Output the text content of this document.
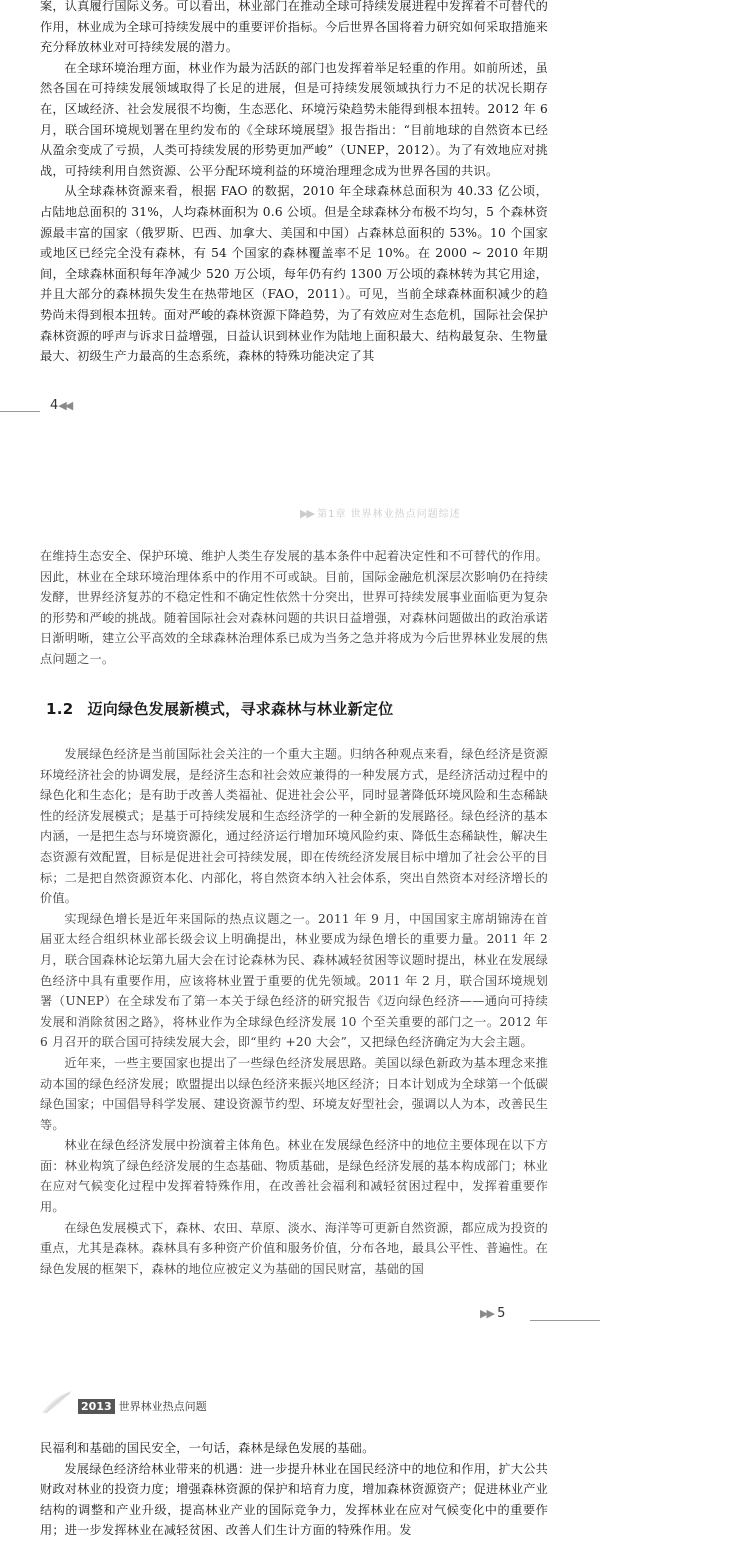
案，认真履行国际义务。可以看出，林业部门在推动全球可持续发展进程中发挥着不可替代的作用，林业成为全球可持续发展中的重要评价指标。今后世界各国将着力研究如何采取措施来充分释放林业对可持续发展的潜力。

在全球环境治理方面，林业作为最为活跃的部门也发挥着举足轻重的作用。如前所述，虽然各国在可持续发展领域取得了长足的进展，但是可持续发展领域执行力不足的状况长期存在，区域经济、社会发展很不均衡，生态恶化、环境污染趋势未能得到根本扭转。2012 年 6 月，联合国环境规划署在里约发布的《全球环境展望》报告指出：“目前地球的自然资本已经从盈余变成了亏损，人类可持续发展的形势更加严峻”（UNEP，2012）。为了有效地应对挑战，可持续利用自然资源、公平分配环境利益的环境治理理念成为世界各国的共识。

从全球森林资源来看，根据 FAO 的数据，2010 年全球森林总面积为 40.33 亿公顷，占陆地总面积的 31%，人均森林面积为 0.6 公顷。但是全球森林分布极不均匀，5 个森林资源最丰富的国家（俄罗斯、巴西、加拿大、美国和中国）占森林总面积的 53%。10 个国家或地区已经完全没有森林，有 54 个国家的森林覆盖率不足 10%。在 2000 ~ 2010 年期间，全球森林面积每年净减少 520 万公顷，每年仍有约 1300 万公顷的森林转为其它用途，并且大部分的森林损失发生在热带地区（FAO，2011）。可见，当前全球森林面积减少的趋势尚未得到根本扭转。面对严峻的森林资源下降趋势，为了有效应对生态危机，国际社会保护森林资源的呼声与诉求日益增强，日益认识到林业作为陆地上面积最大、结构最复杂、生物量最大、初级生产力最高的生态系统，森林的特殊功能决定了其

4◀◀
▶▶ 第1章 世界林业热点问题综述

在维持生态安全、保护环境、维护人类生存发展的基本条件中起着决定性和不可替代的作用。因此，林业在全球环境治理体系中的作用不可或缺。目前，国际金融危机深层次影响仍在持续发酵，世界经济复苏的不稳定性和不确定性依然十分突出，世界可持续发展事业面临更为复杂的形势和严峻的挑战。随着国际社会对森林问题的共识日益增强，对森林问题做出的政治承诺日渐明晰，建立公平高效的全球森林治理体系已成为当务之急并将成为今后世界林业发展的焦点问题之一。

1.2 迈向绿色发展新模式，寻求森林与林业新定位

发展绿色经济是当前国际社会关注的一个重大主题。归纳各种观点来看，绿色经济是资源环境经济社会的协调发展，是经济生态和社会效应兼得的一种发展方式，是经济活动过程中的绿色化和生态化；是有助于改善人类福祉、促进社会公平，同时显著降低环境风险和生态稀缺性的经济发展模式；是基于可持续发展和生态经济学的一种全新的发展路径。绿色经济的基本内涵，一是把生态与环境资源化，通过经济运行增加环境风险约束、降低生态稀缺性，解决生态资源有效配置，目标是促进社会可持续发展，即在传统经济发展目标中增加了社会公平的目标；二是把自然资源资本化、内部化，将自然资本纳入社会体系，突出自然资本对经济增长的价值。

实现绿色增长是近年来国际的热点议题之一。2011 年 9 月，中国国家主席胡锦涛在首届亚太经合组织林业部长级会议上明确提出，林业要成为绿色增长的重要力量。2011 年 2 月，联合国森林论坛第九届大会在讨论森林为民、森林减轻贫困等议题时提出，林业在发展绿色经济中具有重要作用，应该将林业置于重要的优先领域。2011 年 2 月，联合国环境规划署（UNEP）在全球发布了第一本关于绿色经济的研究报告《迈向绿色经济——通向可持续发展和消除贫困之路》，将林业作为全球绿色经济发展 10 个至关重要的部门之一。2012 年 6 月召开的联合国可持续发展大会，即“里约 +20 大会”，又把绿色经济确定为大会主题。

近年来，一些主要国家也提出了一些绿色经济发展思路。美国以绿色新政为基本理念来推动本国的绿色经济发展；欧盟提出以绿色经济来振兴地区经济；日本计划成为全球第一个低碳绿色国家；中国倡导科学发展、建设资源节约型、环境友好型社会，强调以人为本，改善民生等。

林业在绿色经济发展中扮演着主体角色。林业在发展绿色经济中的地位主要体现在以下方面：林业构筑了绿色经济发展的生态基础、物质基础，是绿色经济发展的基本构成部门；林业在应对气候变化过程中发挥着特殊作用，在改善社会福利和减轻贫困过程中，发挥着重要作用。

在绿色发展模式下，森林、农田、草原、淡水、海洋等可更新自然资源，都应成为投资的重点，尤其是森林。森林具有多种资产价值和服务价值，分布各地，最具公平性、普遍性。在绿色发展的框架下，森林的地位应被定义为基础的国民财富，基础的国

▶▶ 5
2013 世界林业热点问题

民福利和基础的国民安全，一句话，森林是绿色发展的基础。

发展绿色经济给林业带来的机遇：进一步提升林业在国民经济中的地位和作用，扩大公共财政对林业的投资力度；增强森林资源的保护和培育力度，增加森林资源资产；促进林业产业结构的调整和产业升级，提高林业产业的国际竞争力，发挥林业在应对气候变化中的重要作用；进一步发挥林业在减轻贫困、改善人们生计方面的特殊作用。发
